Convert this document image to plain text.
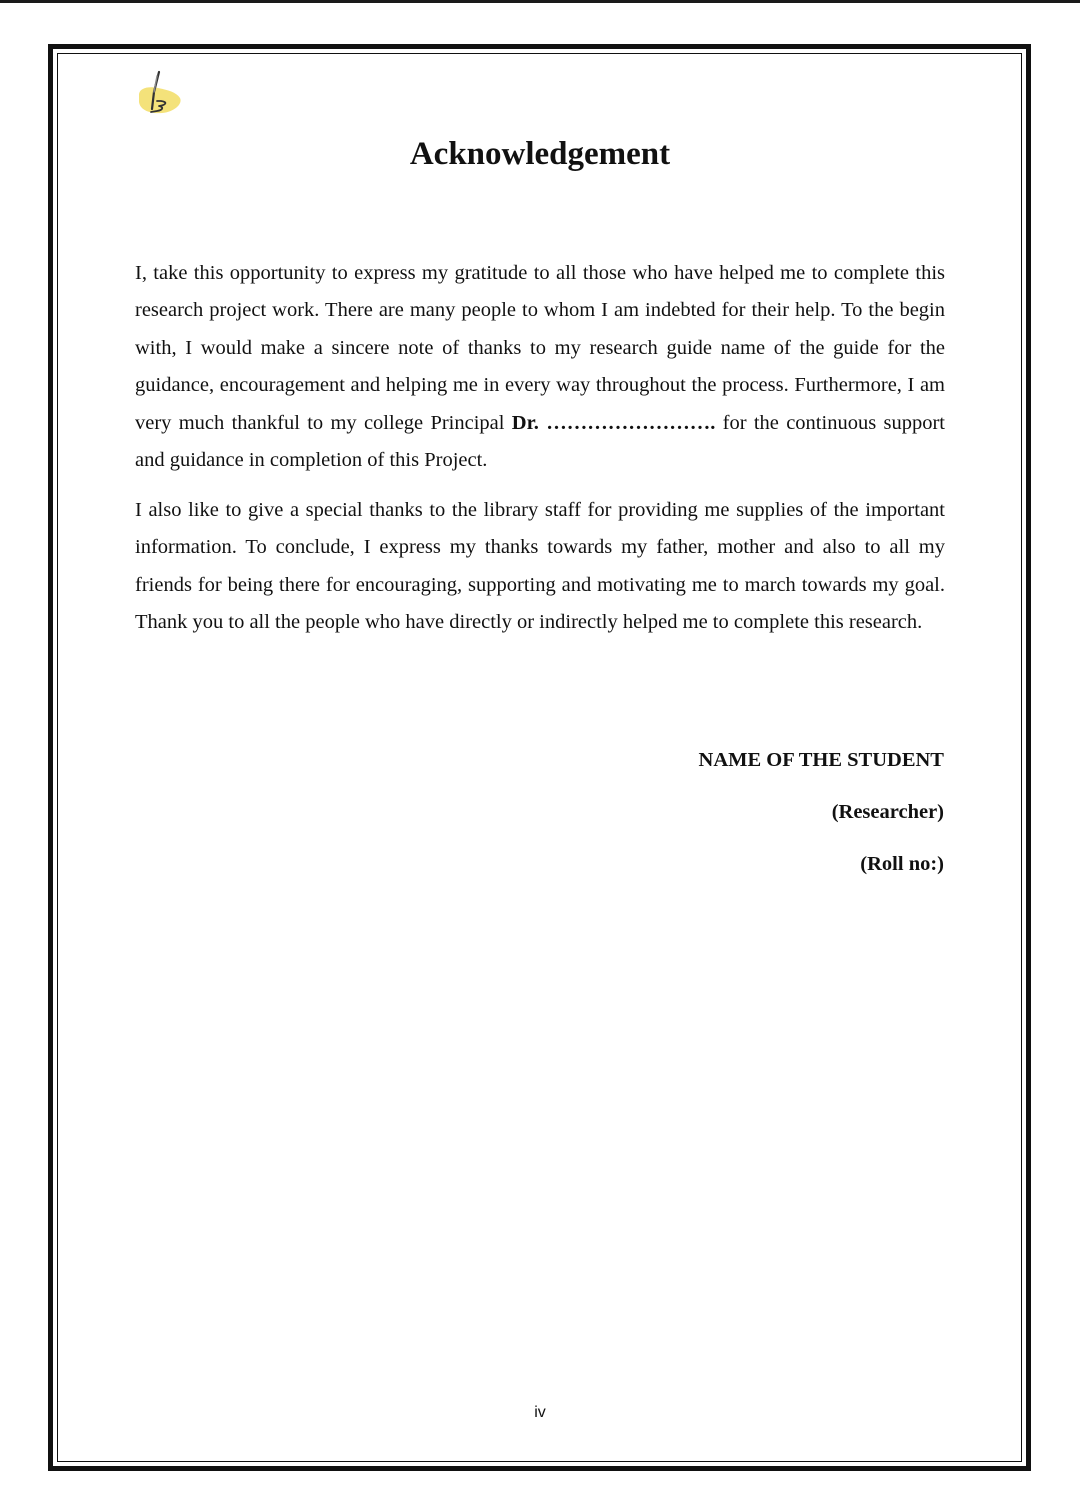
Acknowledgement

I, take this opportunity to express my gratitude to all those who have helped me to complete this research project work. There are many people to whom I am indebted for their help. To the begin with, I would make a sincere note of thanks to my research guide name of the guide for the guidance, encouragement and helping me in every way throughout the process. Furthermore, I am very much thankful to my college Principal Dr. ……………………. for the continuous support and guidance in completion of this Project.

I also like to give a special thanks to the library staff for providing me supplies of the important information. To conclude, I express my thanks towards my father, mother and also to all my friends for being there for encouraging, supporting and motivating me to march towards my goal. Thank you to all the people who have directly or indirectly helped me to complete this research.

NAME OF THE STUDENT

(Researcher)

(Roll no:)

iv
